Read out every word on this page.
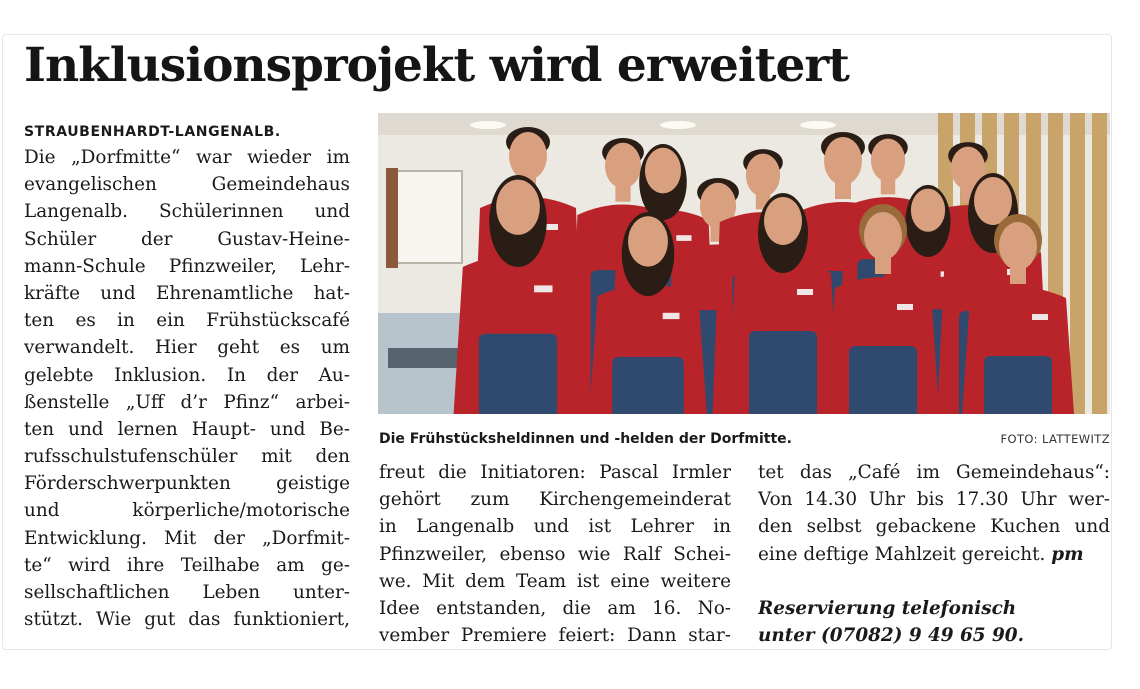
Inklusionsprojekt wird erweitert
STRAUBENHARDT-LANGENALB.
Die „Dorfmitte“ war wieder im
evangelischen Gemeindehaus
Langenalb. Schülerinnen und
Schüler der Gustav-Heine-
mann-Schule Pfinzweiler, Lehr-
kräfte und Ehrenamtliche hat-
ten es in ein Frühstückscafé
verwandelt. Hier geht es um
gelebte Inklusion. In der Au-
ßenstelle „Uff d’r Pfinz“ arbei-
ten und lernen Haupt- und Be-
rufsschulstufenschüler mit den
Förderschwerpunkten geistige
und körperliche/motorische
Entwicklung. Mit der „Dorfmit-
te“ wird ihre Teilhabe am ge-
sellschaftlichen Leben unter-
stützt. Wie gut das funktioniert,
Die Frühstücksheldinnen und -helden der Dorfmitte.	FOTO: LATTEWITZ
freut die Initiatoren: Pascal Irmler
gehört zum Kirchengemeinderat
in Langenalb und ist Lehrer in
Pfinzweiler, ebenso wie Ralf Schei-
we. Mit dem Team ist eine weitere
Idee entstanden, die am 16. No-
vember Premiere feiert: Dann star-
tet das „Café im Gemeindehaus“:
Von 14.30 Uhr bis 17.30 Uhr wer-
den selbst gebackene Kuchen und
eine deftige Mahlzeit gereicht. pm
Reservierung telefonisch
unter (07082) 9 49 65 90.
